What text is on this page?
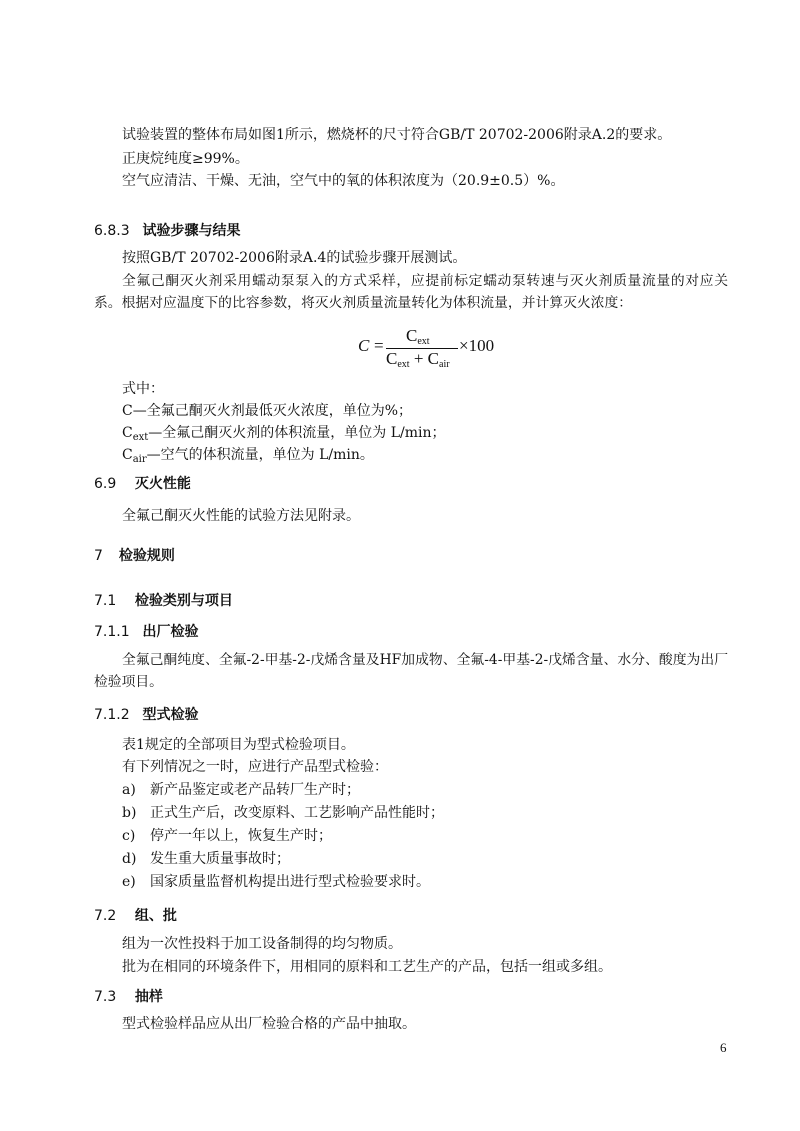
试验装置的整体布局如图1所示，燃烧杯的尺寸符合GB/T 20702-2006附录A.2的要求。
正庚烷纯度≥99%。
空气应清洁、干燥、无油，空气中的氧的体积浓度为（20.9±0.5）%。
6.8.3 试验步骤与结果
按照GB/T 20702-2006附录A.4的试验步骤开展测试。
全氟己酮灭火剂采用蠕动泵泵入的方式采样，应提前标定蠕动泵转速与灭火剂质量流量的对应关系。根据对应温度下的比容参数，将灭火剂质量流量转化为体积流量，并计算灭火浓度：
C =
$C_{ext}$
$C_{ext} + C_{air}$
×100
式中：
C—全氟己酮灭火剂最低灭火浓度，单位为%；
$C_{ext}—$全氟己酮灭火剂的体积流量，单位为 L/min；
$C_{air}—$空气的体积流量，单位为 L/min。
6.9 灭火性能
全氟己酮灭火性能的试验方法见附录。
7 检验规则
7.1 检验类别与项目
7.1.1 出厂检验
全氟己酮纯度、全氟-2-甲基-2-戊烯含量及HF加成物、全氟-4-甲基-2-戊烯含量、水分、酸度为出厂检验项目。
7.1.2 型式检验
表1规定的全部项目为型式检验项目。
有下列情况之一时，应进行产品型式检验：
a) 新产品鉴定或老产品转厂生产时；
b) 正式生产后，改变原料、工艺影响产品性能时；
c) 停产一年以上，恢复生产时；
d) 发生重大质量事故时；
e) 国家质量监督机构提出进行型式检验要求时。
7.2 组、批
组为一次性投料于加工设备制得的均匀物质。
批为在相同的环境条件下，用相同的原料和工艺生产的产品，包括一组或多组。
7.3 抽样
型式检验样品应从出厂检验合格的产品中抽取。
6
